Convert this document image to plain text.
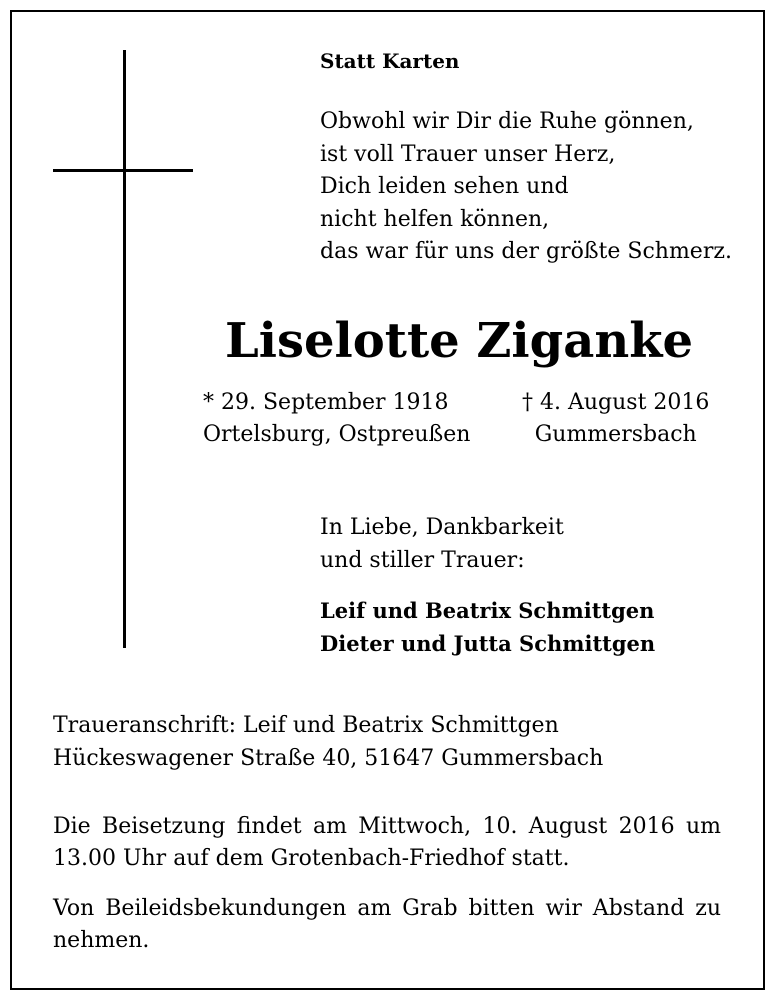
Statt Karten
Obwohl wir Dir die Ruhe gönnen,
ist voll Trauer unser Herz,
Dich leiden sehen und
nicht helfen können,
das war für uns der größte Schmerz.
Liselotte Ziganke
* 29. September 1918
Ortelsburg, Ostpreußen
† 4. August 2016
Gummersbach
In Liebe, Dankbarkeit
und stiller Trauer:
Leif und Beatrix Schmittgen
Dieter und Jutta Schmittgen
Traueranschrift: Leif und Beatrix Schmittgen
Hückeswagener Straße 40, 51647 Gummersbach
Die Beisetzung findet am Mittwoch, 10. August 2016 um
13.00 Uhr auf dem Grotenbach-Friedhof statt.
Von Beileidsbekundungen am Grab bitten wir Abstand zu
nehmen.
